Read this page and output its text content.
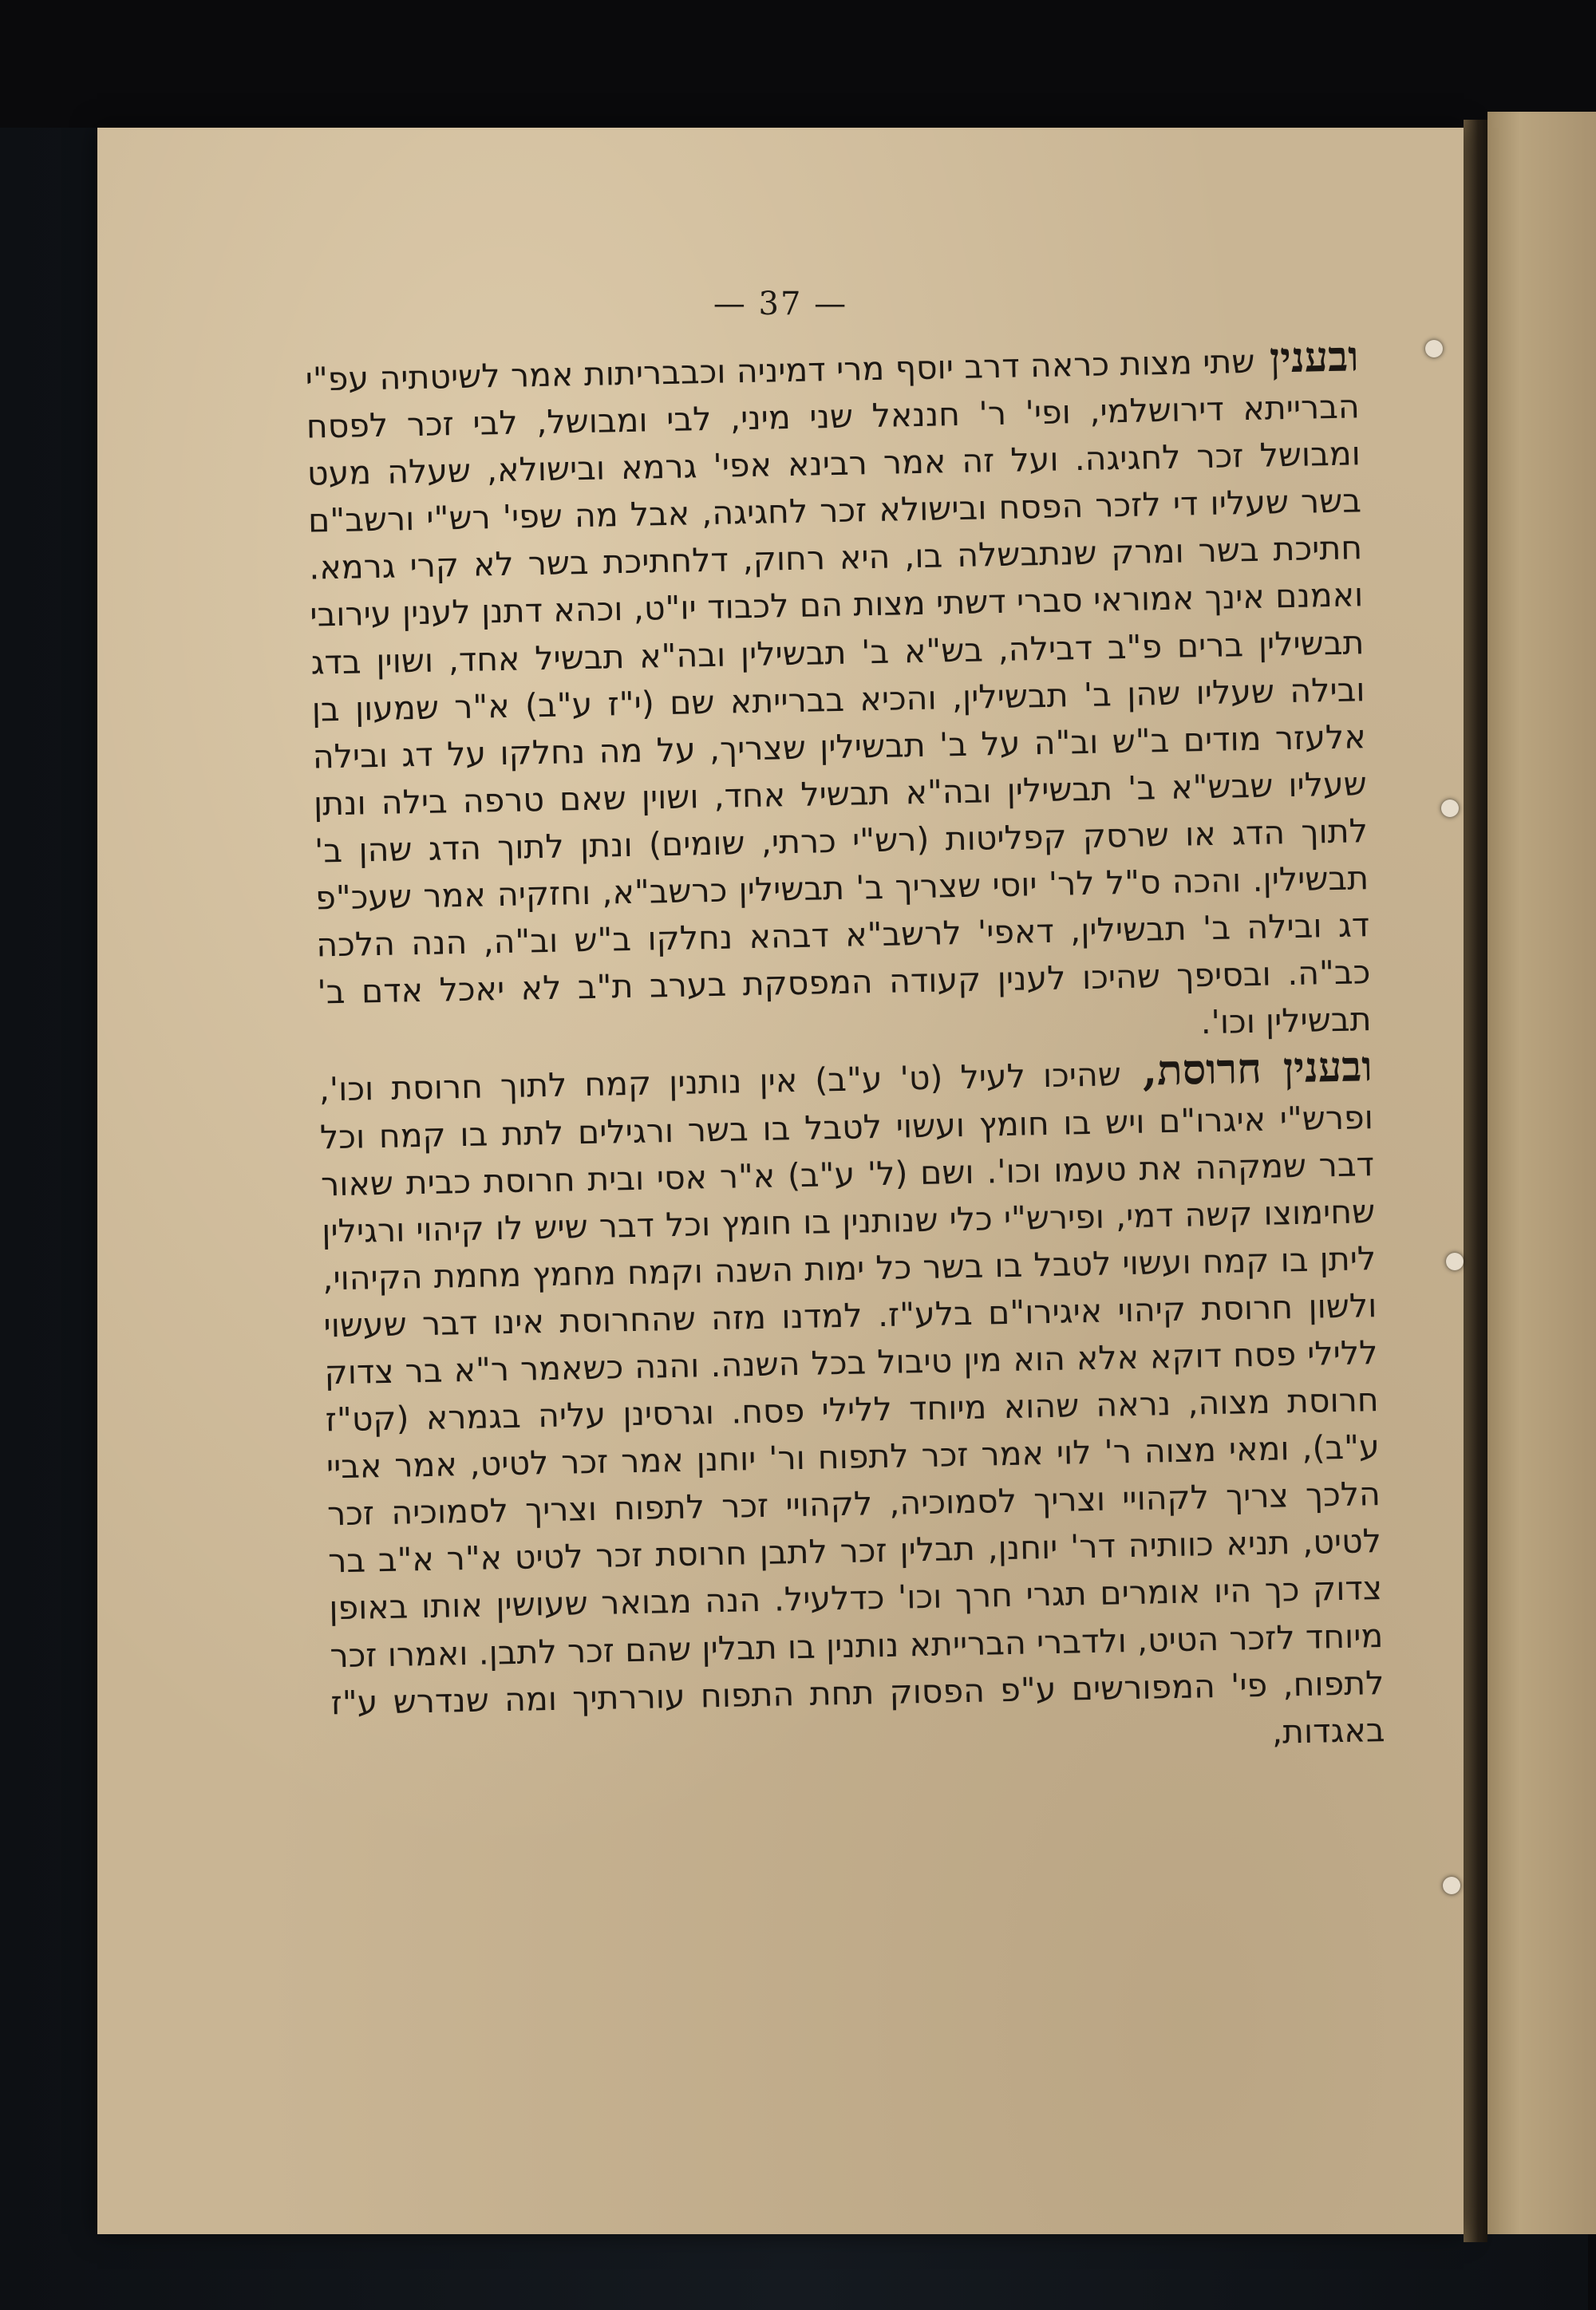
— 37 —

ובענין שתי מצות כראה דרב יוסף מרי דמיניה וכבבריתות אמר לשיטתיה עפ"י הברייתא דירושלמי, ופי' ר' חננאל שני מיני, לבי ומבושל, לבי זכר לפסח ומבושל זכר לחגיגה. ועל זה אמר רבינא אפי' גרמא ובישולא, שעלה מעט בשר שעליו די לזכר הפסח ובישולא זכר לחגיגה, אבל מה שפי' רש"י ורשב"ם חתיכת בשר ומרק שנתבשלה בו, היא רחוק, דלחתיכת בשר לא קרי גרמא. ואמנם אינך אמוראי סברי דשתי מצות הם לכבוד יו"ט, וכהא דתנן לענין עירובי תבשילין ברים פ"ב דבילה, בש"א ב' תבשילין ובה"א תבשיל אחד, ושוין בדג ובילה שעליו שהן ב' תבשילין, והכיא בברייתא שם (י"ז ע"ב) א"ר שמעון בן אלעזר מודים ב"ש וב"ה על ב' תבשילין שצריך, על מה נחלקו על דג ובילה שעליו שבש"א ב' תבשילין ובה"א תבשיל אחד, ושוין שאם טרפה בילה ונתן לתוך הדג או שרסק קפליטות (רש"י כרתי, שומים) ונתן לתוך הדג שהן ב' תבשילין. והכה ס"ל לר' יוסי שצריך ב' תבשילין כרשב"א, וחזקיה אמר שעכ"פ דג ובילה ב' תבשילין, דאפי' לרשב"א דבהא נחלקו ב"ש וב"ה, הנה הלכה כב"ה. ובסיפך שהיכו לענין קעודה המפסקת בערב ת"ב לא יאכל אדם ב' תבשילין וכו'.

ובענין חרוסת, שהיכו לעיל (ט' ע"ב) אין נותנין קמח לתוך חרוסת וכו', ופרש"י איגרו"ם ויש בו חומץ ועשוי לטבל בו בשר ורגילים לתת בו קמח וכל דבר שמקהה את טעמו וכו'. ושם (ל' ע"ב) א"ר אסי ובית חרוסת כבית שאור שחימוצו קשה דמי, ופירש"י כלי שנותנין בו חומץ וכל דבר שיש לו קיהוי ורגילין ליתן בו קמח ועשוי לטבל בו בשר כל ימות השנה וקמח מחמץ מחמת הקיהוי, ולשון חרוסת קיהוי איגירו"ם בלע"ז. למדנו מזה שהחרוסת אינו דבר שעשוי ללילי פסח דוקא אלא הוא מין טיבול בכל השנה. והנה כשאמר ר"א בר צדוק חרוסת מצוה, נראה שהוא מיוחד ללילי פסח. וגרסינן עליה בגמרא (קט"ז ע"ב), ומאי מצוה ר' לוי אמר זכר לתפוח ור' יוחנן אמר זכר לטיט, אמר אביי הלכך צריך לקהויי וצריך לסמוכיה, לקהויי זכר לתפוח וצריך לסמוכיה זכר לטיט, תניא כוותיה דר' יוחנן, תבלין זכר לתבן חרוסת זכר לטיט א"ר א"ב בר צדוק כך היו אומרים תגרי חרך וכו' כדלעיל. הנה מבואר שעושין אותו באופן מיוחד לזכר הטיט, ולדברי הברייתא נותנין בו תבלין שהם זכר לתבן. ואמרו זכר לתפוח, פי' המפורשים ע"פ הפסוק תחת התפוח עוררתיך ומה שנדרש ע"ז באגדות,
